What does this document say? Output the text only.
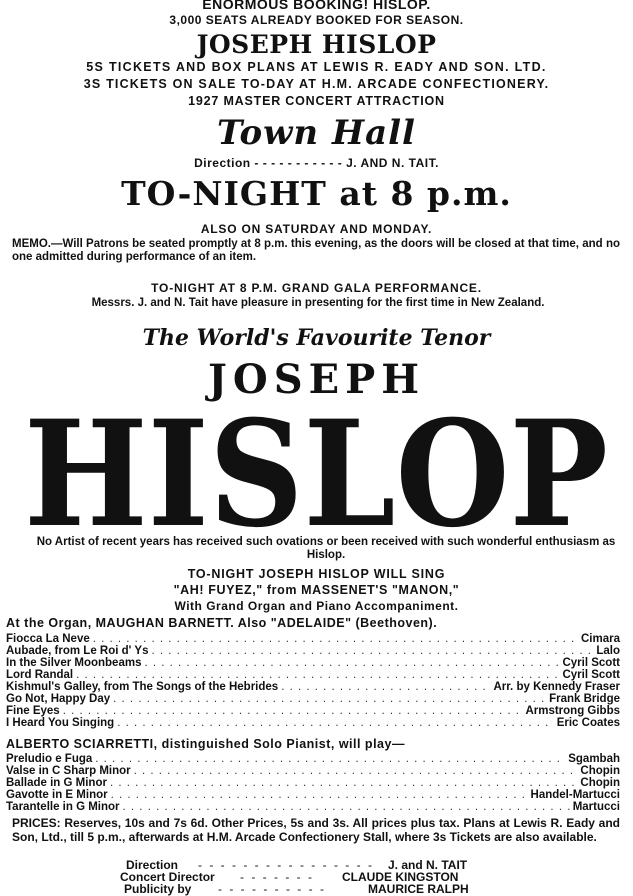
ENORMOUS BOOKING! HISLOP.
3,000 SEATS ALREADY BOOKED FOR SEASON.
JOSEPH HISLOP
5S TICKETS AND BOX PLANS AT LEWIS R. EADY AND SON. LTD.
3S TICKETS ON SALE TO-DAY AT H.M. ARCADE CONFECTIONERY.
1927 MASTER CONCERT ATTRACTION
Town Hall
Direction - - - - - - - - - - - J. AND N. TAIT.
TO-NIGHT at 8 p.m.
ALSO ON SATURDAY AND MONDAY.
MEMO.—Will Patrons be seated promptly at 8 p.m. this evening, as the doors will be closed at that time, and no one admitted during performance of an item.
TO-NIGHT AT 8 P.M. GRAND GALA PERFORMANCE.
Messrs. J. and N. Tait have pleasure in presenting for the first time in New Zealand.
The World's Favourite Tenor
JOSEPH
HISLOP
No Artist of recent years has received such ovations or been received with such wonderful enthusiasm as Hislop.
TO-NIGHT JOSEPH HISLOP WILL SING
"AH! FUYEZ," from MASSENET'S "MANON,"
With Grand Organ and Piano Accompaniment.
At the Organ, MAUGHAN BARNETT. Also "ADELAIDE" (Beethoven).
Fiocca La Neve . . .	Cimara
Aubade, from Le Roi d' Ys . . .	Lalo
In the Silver Moonbeams . . .	Cyril Scott
Lord Randal . . .	Cyril Scott
Kishmul's Galley, from The Songs of the Hebrides . . .	Arr. by Kennedy Fraser
Go Not, Happy Day . . .	Frank Bridge
Fine Eyes . . .	Armstrong Gibbs
I Heard You Singing . . .	Eric Coates
ALBERTO SCIARRETTI, distinguished Solo Pianist, will play—
Preludio e Fuga . . .	Sgambah
Valse in C Sharp Minor . . .	Chopin
Ballade in G Minor . . .	Chopin
Gavotte in E Minor . . .	Handel-Martucci
Tarantelle in G Minor . . .	Martucci
PRICES: Reserves, 10s and 7s 6d. Other Prices, 5s and 3s. All prices plus tax. Plans at Lewis R. Eady and Son, Ltd., till 5 p.m., afterwards at H.M. Arcade Confectionery Stall, where 3s Tickets are also available.
Direction - - - - - - - - - - - - - - - - J. and N. TAIT
Concert Director - - - - - - - CLAUDE KINGSTON
Publicity by - - - - - - - - - -	MAURICE RALPH
